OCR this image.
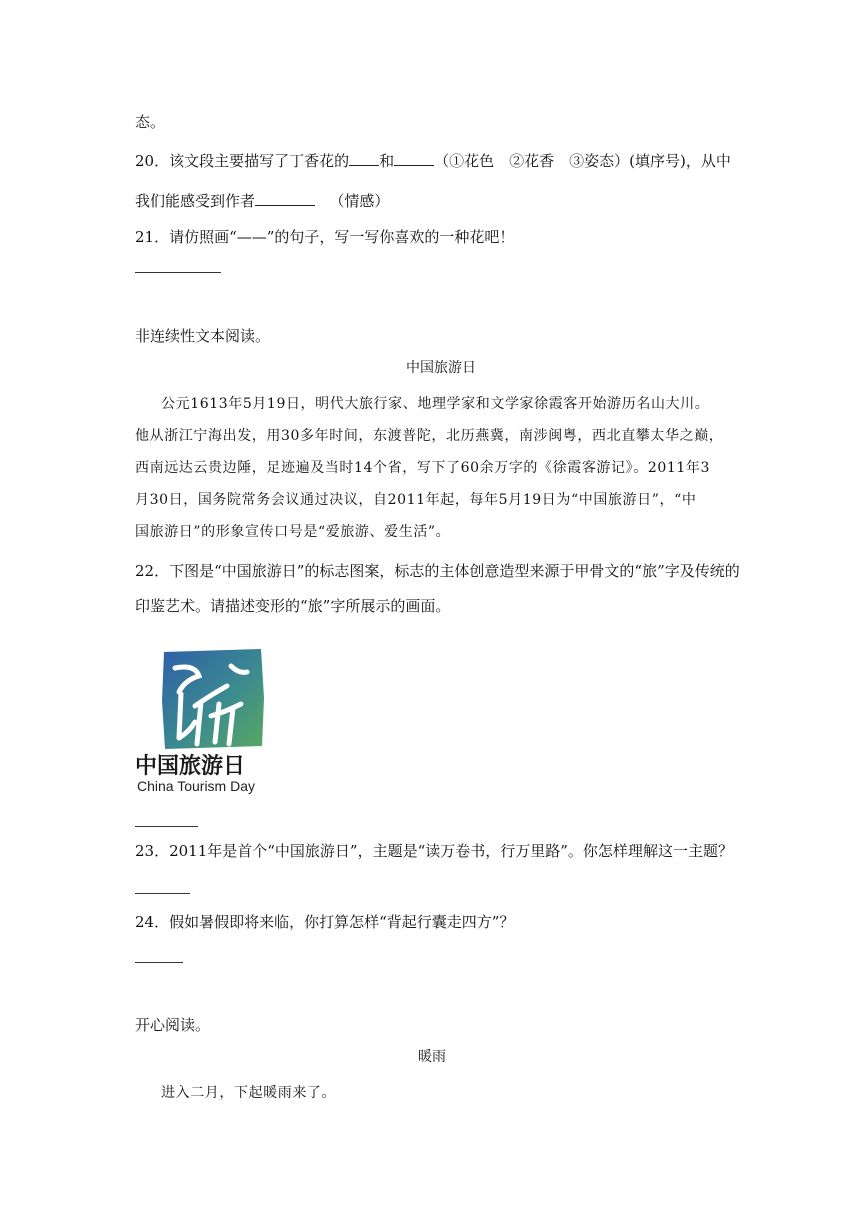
态。
20．该文段主要描写了丁香花的 和	（①花色　②花香　③姿态）(填序号)，从中
我们能感受到作者	（情感）
21．请仿照画“——”的句子，写一写你喜欢的一种花吧！
非连续性文本阅读。
中国旅游日
公元1613年5月19日，明代大旅行家、地理学家和文学家徐霞客开始游历名山大川。
他从浙江宁海出发，用30多年时间，东渡普陀，北历燕冀，南涉闽粤，西北直攀太华之巅，
西南远达云贵边陲，足迹遍及当时14个省，写下了60余万字的《徐霞客游记》。2011年3
月30日，国务院常务会议通过决议，自2011年起，每年5月19日为“中国旅游日”，“中
国旅游日”的形象宣传口号是“爱旅游、爱生活”。
22．下图是“中国旅游日”的标志图案，标志的主体创意造型来源于甲骨文的“旅”字及传统的
印鉴艺术。请描述变形的“旅”字所展示的画面。
中国旅游日
China Tourism Day
23．2011年是首个“中国旅游日”，主题是“读万卷书，行万里路”。你怎样理解这一主题？
24．假如暑假即将来临，你打算怎样“背起行囊走四方”？
开心阅读。
暖雨
进入二月，下起暖雨来了。
